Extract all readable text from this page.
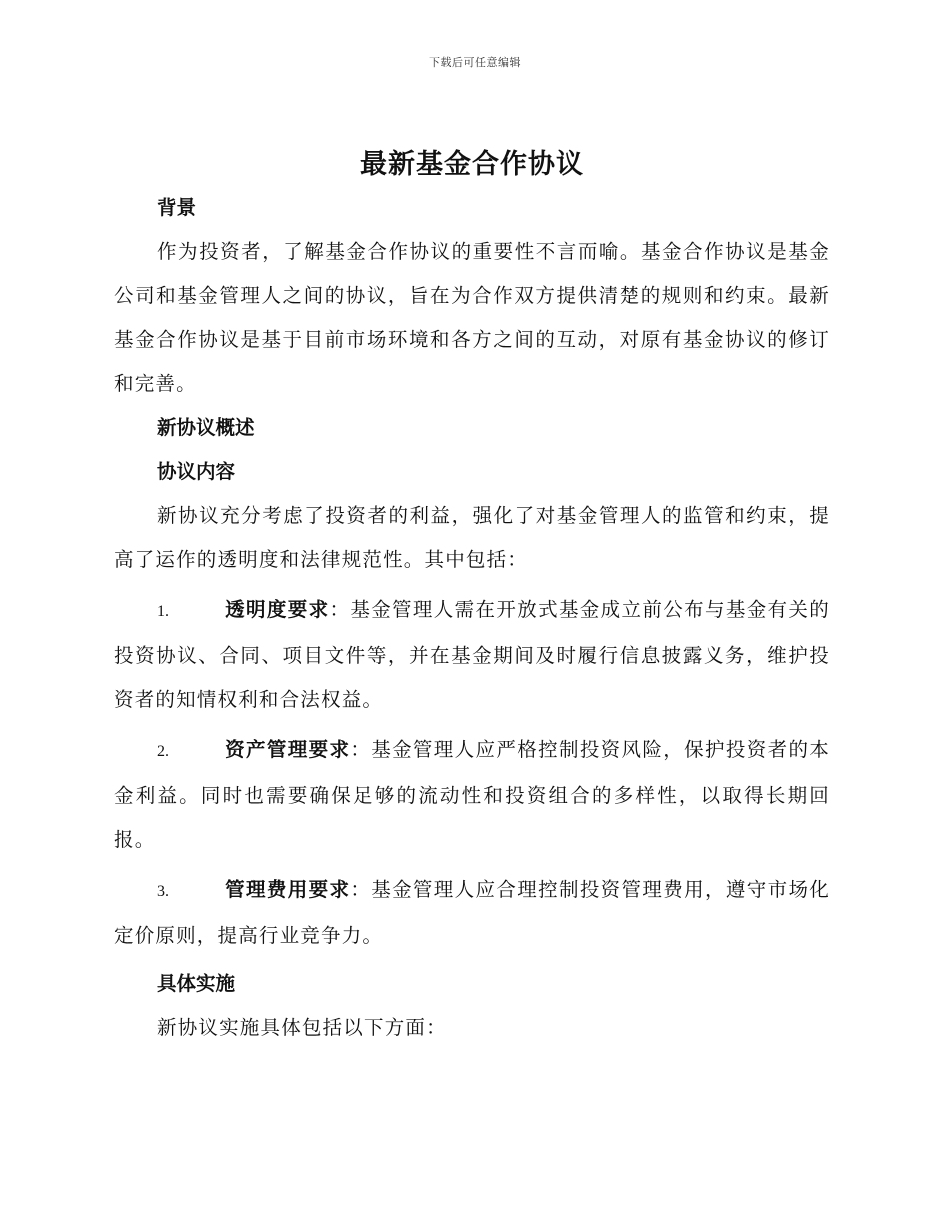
下载后可任意编辑
最新基金合作协议

背景

作为投资者，了解基金合作协议的重要性不言而喻。基金合作协议是基金公司和基金管理人之间的协议，旨在为合作双方提供清楚的规则和约束。最新基金合作协议是基于目前市场环境和各方之间的互动，对原有基金协议的修订和完善。

新协议概述

协议内容

新协议充分考虑了投资者的利益，强化了对基金管理人的监管和约束，提高了运作的透明度和法律规范性。其中包括：

1.	透明度要求：基金管理人需在开放式基金成立前公布与基金有关的投资协议、合同、项目文件等，并在基金期间及时履行信息披露义务，维护投资者的知情权利和合法权益。

2.	资产管理要求：基金管理人应严格控制投资风险，保护投资者的本金利益。同时也需要确保足够的流动性和投资组合的多样性，以取得长期回报。

3.	管理费用要求：基金管理人应合理控制投资管理费用，遵守市场化定价原则，提高行业竞争力。

具体实施

新协议实施具体包括以下方面：
